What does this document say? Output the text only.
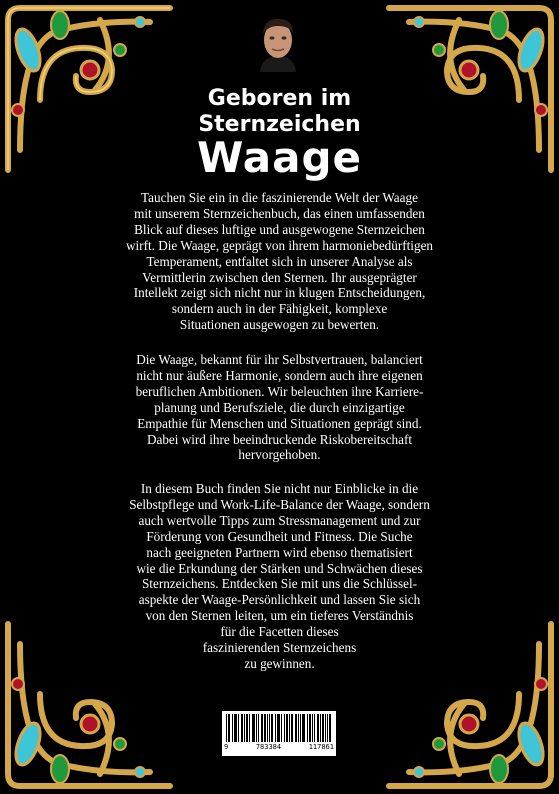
Geboren im
Sternzeichen
Waage
Tauchen Sie ein in die faszinierende Welt der Waage
mit unserem Sternzeichenbuch, das einen umfassenden
Blick auf dieses luftige und ausgewogene Sternzeichen
wirft. Die Waage, geprägt von ihrem harmoniebedürftigen
Temperament, entfaltet sich in unserer Analyse als
Vermittlerin zwischen den Sternen. Ihr ausgeprägter
Intellekt zeigt sich nicht nur in klugen Entscheidungen,
sondern auch in der Fähigkeit, komplexe
Situationen ausgewogen zu bewerten.
Die Waage, bekannt für ihr Selbstvertrauen, balanciert
nicht nur äußere Harmonie, sondern auch ihre eigenen
beruflichen Ambitionen. Wir beleuchten ihre Karriere-
planung und Berufsziele, die durch einzigartige
Empathie für Menschen und Situationen geprägt sind.
Dabei wird ihre beeindruckende Riskobereitschaft
hervorgehoben.
In diesem Buch finden Sie nicht nur Einblicke in die
Selbstpflege und Work-Life-Balance der Waage, sondern
auch wertvolle Tipps zum Stressmanagement und zur
Förderung von Gesundheit und Fitness. Die Suche
nach geeigneten Partnern wird ebenso thematisiert
wie die Erkundung der Stärken und Schwächen dieses
Sternzeichens. Entdecken Sie mit uns die Schlüssel-
aspekte der Waage-Persönlichkeit und lassen Sie sich
von den Sternen leiten, um ein tieferes Verständnis
für die Facetten dieses
faszinierenden Sternzeichens
zu gewinnen.
9	783384	117861
